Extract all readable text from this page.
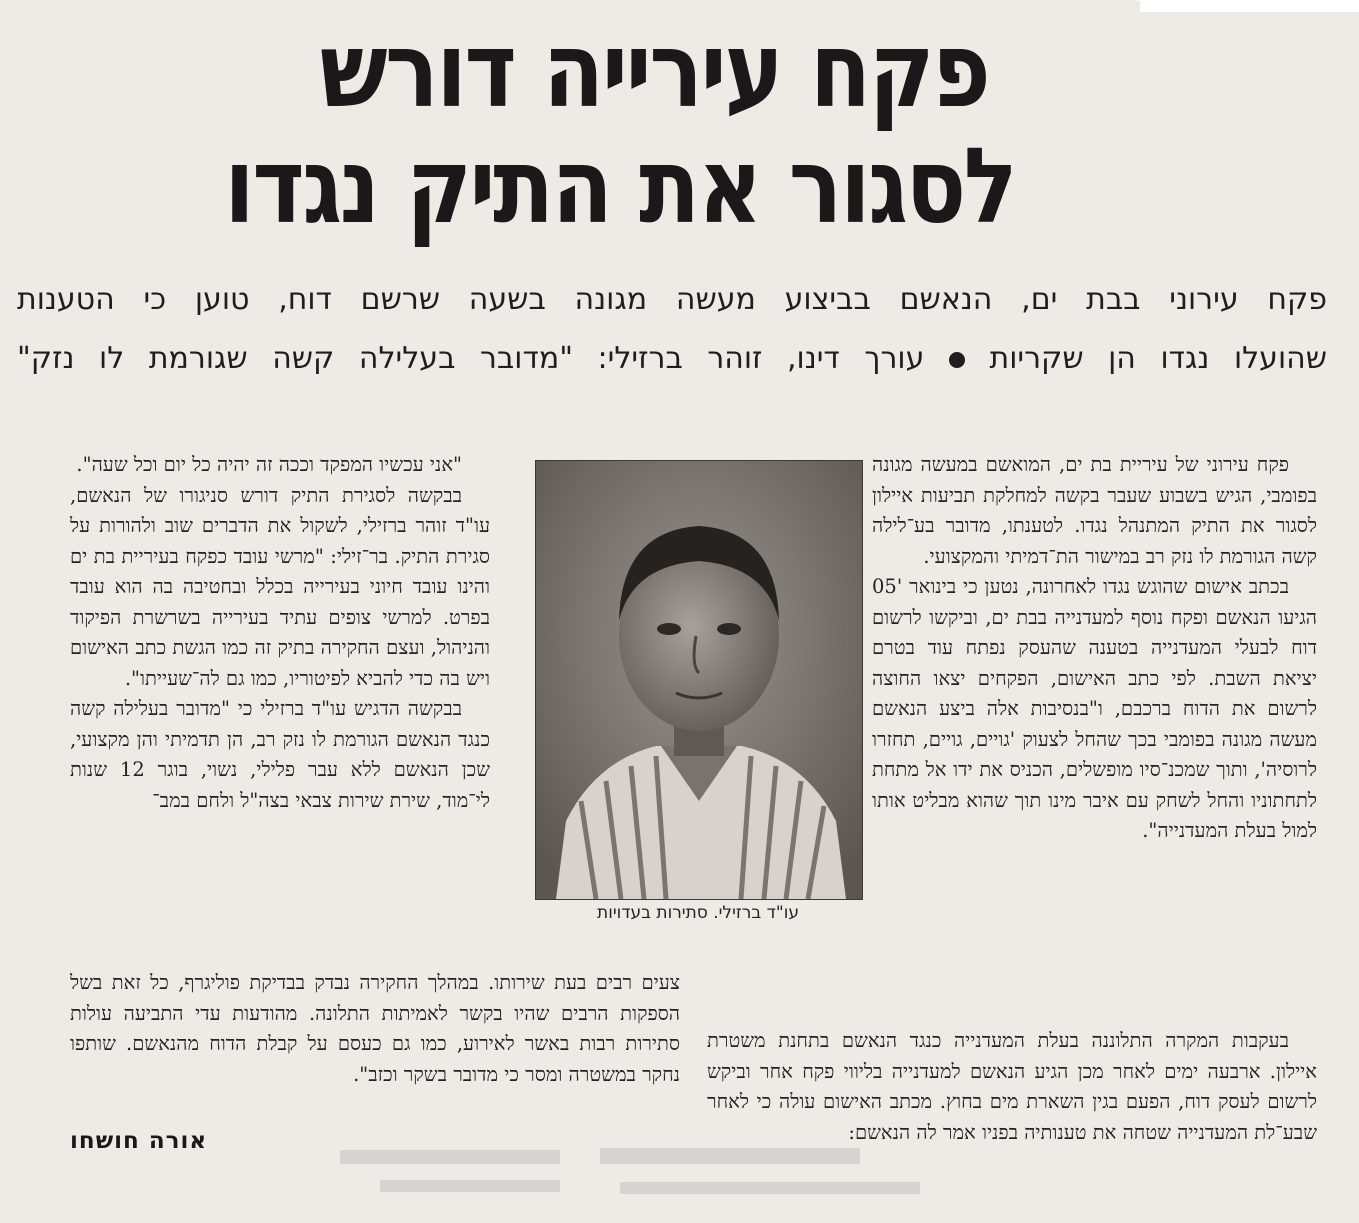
פקח עירייה דורש
לסגור את התיק נגדו
פקח עירוני בבת ים, הנאשם בביצוע מעשה מגונה בשעה שרשם דוח, טוען כי הטענות
שהועלו נגדו הן שקריות  עורך דינו, זוהר ברזילי: "מדובר בעלילה קשה שגורמת לו נזק"

פקח עירוני של עיריית בת ים, המואשם במעשה מגונה בפומבי, הגיש בשבוע שעבר בקשה למחלקת תביעות איילון לסגור את התיק המתנהל נגדו. לטענתו, מדובר בע־לילה קשה הגורמת לו נזק רב במישור הת־דמיתי והמקצועי.

בכתב אישום שהוגש נגדו לאחרונה, נטען כי בינואר '05 הגיעו הנאשם ופקח נוסף למעדנייה בבת ים, וביקשו לרשום דוח לבעלי המעדנייה בטענה שהעסק נפתח עוד בטרם יציאת השבת. לפי כתב האישום, הפקחים יצאו החוצה לרשום את הדוח ברכבם, ו"בנסיבות אלה ביצע הנאשם מעשה מגונה בפומבי בכך שהחל לצעוק 'גויים, גויים, תחזרו לרוסיה', ותוך שמכנ־סיו מופשלים, הכניס את ידו אל מתחת לתחתוניו והחל לשחק עם איבר מינו תוך שהוא מבליט אותו למול בעלת המעדנייה".

עו"ד ברזילי. סתירות בעדויות

"אני עכשיו המפקד וככה זה יהיה כל יום וכל שעה".

בבקשה לסגירת התיק דורש סניגורו של הנאשם, עו"ד זוהר ברזילי, לשקול את הדברים שוב ולהורות על סגירת התיק. בר־זילי: "מרשי עובד כפקח בעיריית בת ים והינו עובד חיוני בעירייה בכלל ובחטיבה בה הוא עובד בפרט. למרשי צופים עתיד בעירייה בשרשרת הפיקוד והניהול, ועצם החקירה בתיק זה כמו הגשת כתב האישום ויש בה כדי להביא לפיטוריו, כמו גם לה־שעייתו".

בבקשה הדגיש עו"ד ברזילי כי "מדובר בעלילה קשה כנגד הנאשם הגורמת לו נזק רב, הן תדמיתי והן מקצועי, שכן הנאשם ללא עבר פלילי, נשוי, בוגר 12 שנות לי־מוד, שירת שירות צבאי בצה"ל ולחם במב־

צעים רבים בעת שירותו. במהלך החקירה נבדק בבדיקת פוליגרף, כל זאת בשל הספקות הרבים שהיו בקשר לאמיתות התלונה. מהודעות עדי התביעה עולות סתירות רבות באשר לאירוע, כמו גם כעסם על קבלת הדוח מהנאשם. שותפו נחקר במשטרה ומסר כי מדובר בשקר וכזב".

בעקבות המקרה התלוננה בעלת המעדנייה כנגד הנאשם בתחנת משטרת איילון. ארבעה ימים לאחר מכן הגיע הנאשם למעדנייה בליווי פקח אחר וביקש לרשום לעסק דוח, הפעם בגין השארת מים בחוץ. מכתב האישום עולה כי לאחר שבע־לת המעדנייה שטחה את טענותיה בפניו אמר לה הנאשם:

אורה חושחו
